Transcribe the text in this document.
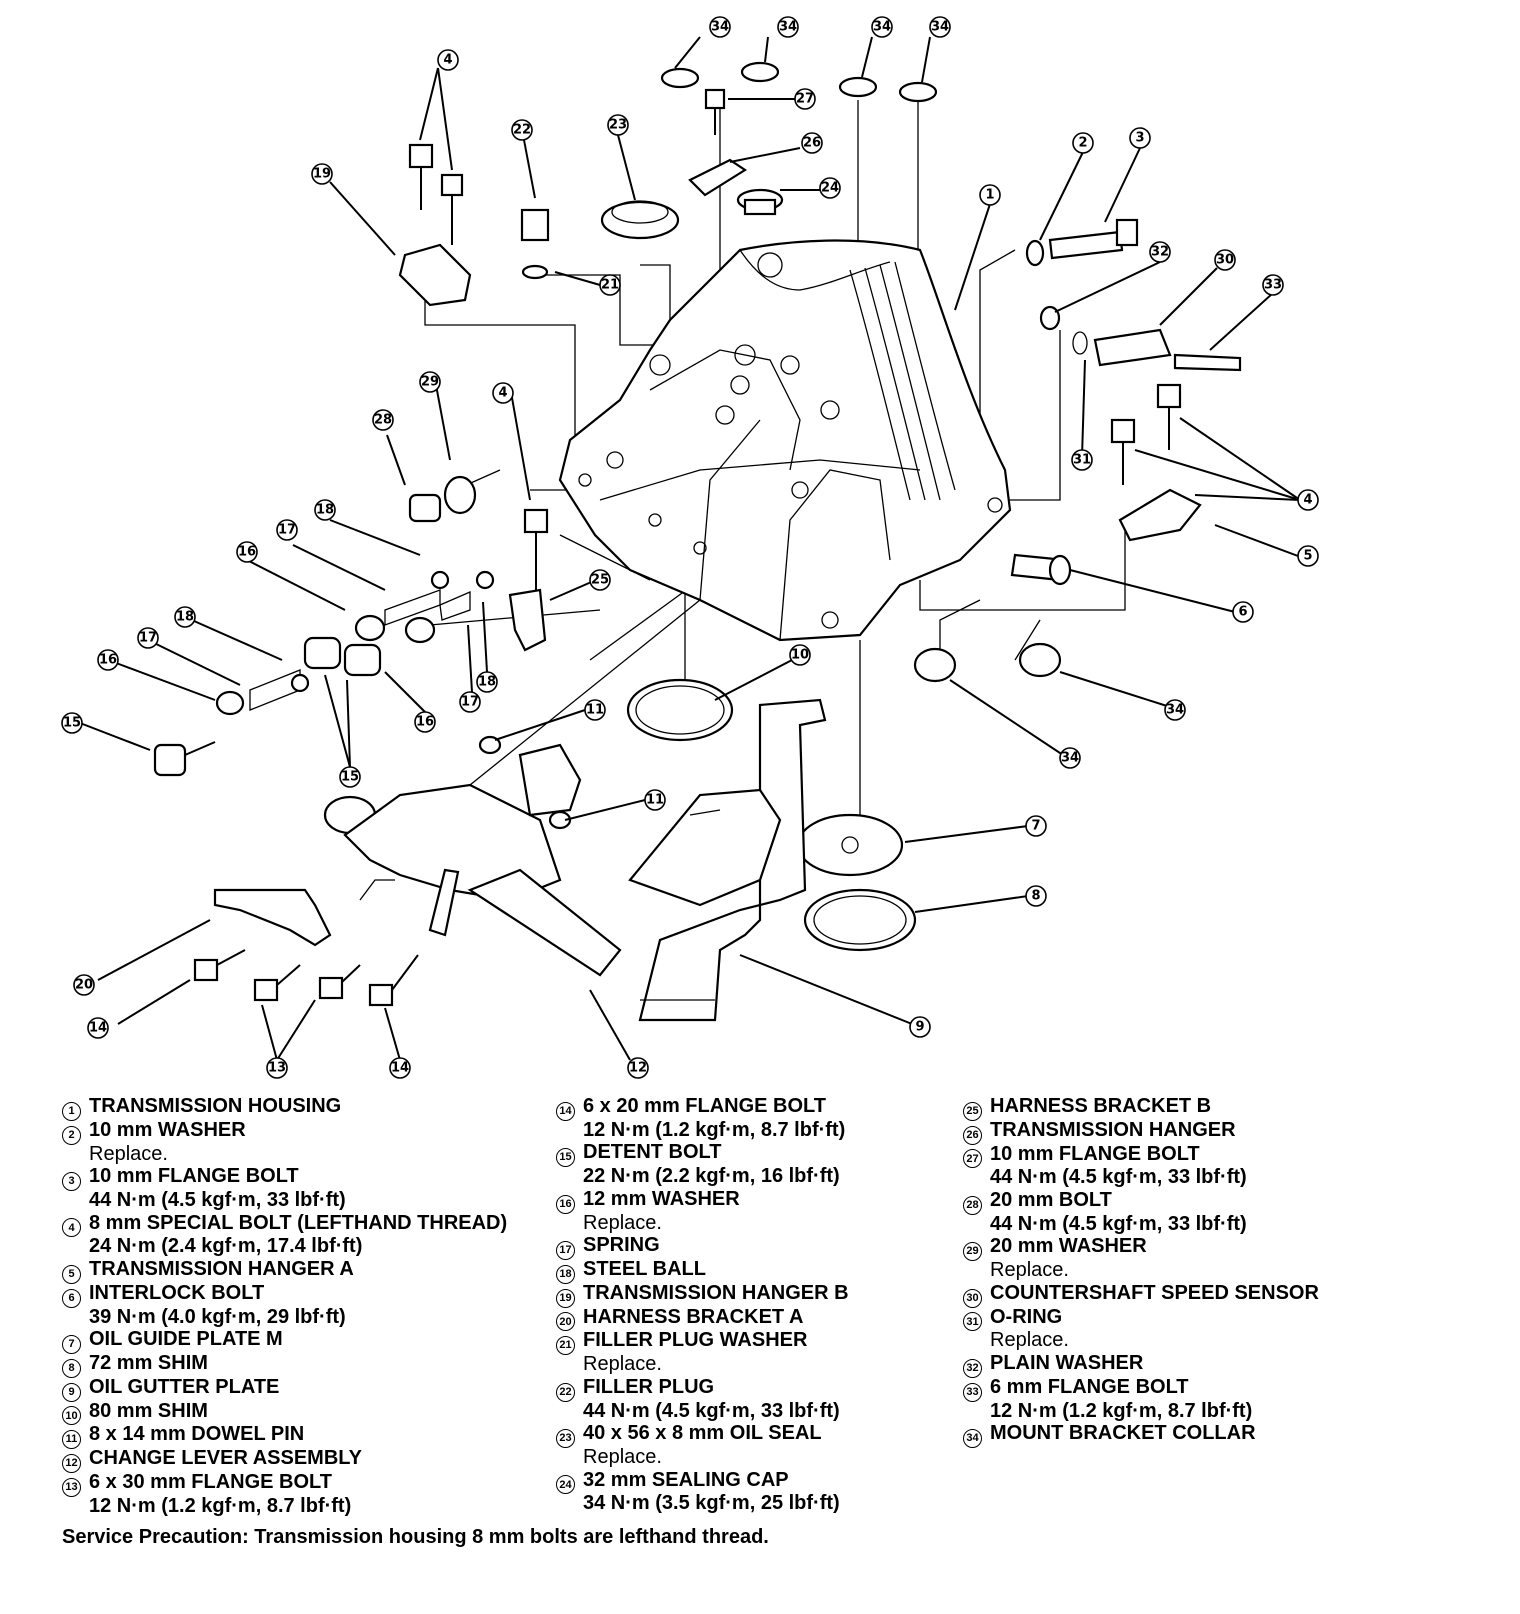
4
19
22
21
23
34	34	34	34
27
26
24	1
2	3
32
30
33
31
4
5
6
34
34
29
28
4
25
18
17
16
18
17
16
15	16
17
18
15
11
11
10
7
8
9
12
20
14
13	14
1 TRANSMISSION HOUSING
2 10 mm WASHER
Replace.
3 10 mm FLANGE BOLT
44 N·m (4.5 kgf·m, 33 lbf·ft)
4 8 mm SPECIAL BOLT (LEFTHAND THREAD)
24 N·m (2.4 kgf·m, 17.4 lbf·ft)
5 TRANSMISSION HANGER A
6 INTERLOCK BOLT
39 N·m (4.0 kgf·m, 29 lbf·ft)
7 OIL GUIDE PLATE M
8 72 mm SHIM
9 OIL GUTTER PLATE
10 80 mm SHIM
11 8 x 14 mm DOWEL PIN
12 CHANGE LEVER ASSEMBLY
13 6 x 30 mm FLANGE BOLT
12 N·m (1.2 kgf·m, 8.7 lbf·ft)
14 6 x 20 mm FLANGE BOLT
12 N·m (1.2 kgf·m, 8.7 lbf·ft)
15 DETENT BOLT
22 N·m (2.2 kgf·m, 16 lbf·ft)
16 12 mm WASHER
Replace.
17 SPRING
18 STEEL BALL
19 TRANSMISSION HANGER B
20 HARNESS BRACKET A
21 FILLER PLUG WASHER
Replace.
22 FILLER PLUG
44 N·m (4.5 kgf·m, 33 lbf·ft)
23 40 x 56 x 8 mm OIL SEAL
Replace.
24 32 mm SEALING CAP
34 N·m (3.5 kgf·m, 25 lbf·ft)
25 HARNESS BRACKET B
26 TRANSMISSION HANGER
27 10 mm FLANGE BOLT
44 N·m (4.5 kgf·m, 33 lbf·ft)
28 20 mm BOLT
44 N·m (4.5 kgf·m, 33 lbf·ft)
29 20 mm WASHER
Replace.
30 COUNTERSHAFT SPEED SENSOR
31 O-RING
Replace.
32 PLAIN WASHER
33 6 mm FLANGE BOLT
12 N·m (1.2 kgf·m, 8.7 lbf·ft)
34 MOUNT BRACKET COLLAR
Service Precaution: Transmission housing 8 mm bolts are lefthand thread.
